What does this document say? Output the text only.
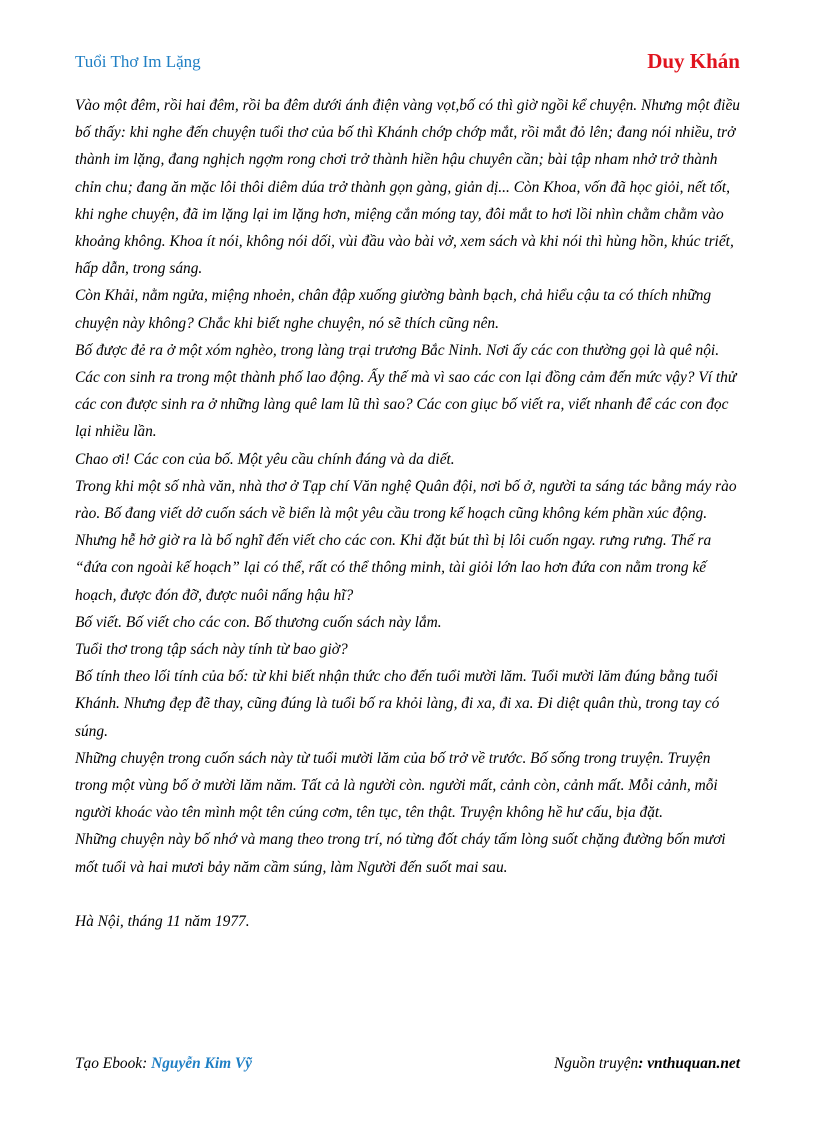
Tuổi Thơ Im Lặng	Duy Khán

Vào một đêm, rồi hai đêm, rồi ba đêm dưới ánh điện vàng vọt,bố có thì giờ ngồi kể chuyện. Nhưng một điều bố thấy: khi nghe đến chuyện tuổi thơ của bố thì Khánh chớp chớp mắt, rồi mắt đỏ lên; đang nói nhiều, trở thành im lặng, đang nghịch ngợm rong chơi trở thành hiền hậu chuyên cần; bài tập nham nhở trở thành chỉn chu; đang ăn mặc lôi thôi diêm dúa trở thành gọn gàng, giản dị... Còn Khoa, vốn đã học giỏi, nết tốt, khi nghe chuyện, đã im lặng lại im lặng hơn, miệng cắn móng tay, đôi mắt to hơi lồi nhìn chằm chằm vào khoảng không. Khoa ít nói, không nói dối, vùi đầu vào bài vở, xem sách và khi nói thì hùng hồn, khúc triết, hấp dẫn, trong sáng.

Còn Khải, nằm ngửa, miệng nhoẻn, chân đập xuống giường bành bạch, chả hiểu cậu ta có thích những chuyện này không? Chắc khi biết nghe chuyện, nó sẽ thích cũng nên.

Bố được đẻ ra ở một xóm nghèo, trong làng trại trương Bắc Ninh. Nơi ấy các con thường gọi là quê nội.

Các con sinh ra trong một thành phố lao động. Ấy thế mà vì sao các con lại đồng cảm đến mức vậy? Ví thử các con được sinh ra ở những làng quê lam lũ thì sao? Các con giục bố viết ra, viết nhanh để các con đọc lại nhiều lần.

Chao ơi! Các con của bố. Một yêu cầu chính đáng và da diết.

Trong khi một số nhà văn, nhà thơ ở Tạp chí Văn nghệ Quân đội, nơi bố ở, người ta sáng tác bằng máy rào rào. Bố đang viết dở cuốn sách về biển là một yêu cầu trong kế hoạch cũng không kém phần xúc động. Nhưng hễ hở giờ ra là bố nghĩ đến viết cho các con. Khi đặt bút thì bị lôi cuốn ngay. rưng rưng. Thế ra “đứa con ngoài kế hoạch” lại có thể, rất có thể thông minh, tài giỏi lớn lao hơn đứa con nằm trong kế hoạch, được đón đỡ, được nuôi nấng hậu hĩ?

Bố viết. Bố viết cho các con. Bố thương cuốn sách này lắm.

Tuổi thơ trong tập sách này tính từ bao giờ?

Bố tính theo lối tính của bố: từ khi biết nhận thức cho đến tuổi mười lăm. Tuổi mười lăm đúng bằng tuổi Khánh. Nhưng đẹp đẽ thay, cũng đúng là tuổi bố ra khỏi làng, đi xa, đi xa. Đi diệt quân thù, trong tay có súng.

Những chuyện trong cuốn sách này từ tuổi mười lăm của bố trở về trước. Bố sống trong truyện. Truyện trong một vùng bố ở mười lăm năm. Tất cả là người còn. người mất, cảnh còn, cảnh mất. Mỗi cảnh, mỗi người khoác vào tên mình một tên cúng cơm, tên tục, tên thật. Truyện không hề hư cấu, bịa đặt.

Những chuyện này bố nhớ và mang theo trong trí, nó từng đốt cháy tấm lòng suốt chặng đường bốn mươi mốt tuổi và hai mươi bảy năm cầm súng, làm Người đến suốt mai sau.

Hà Nội, tháng 11 năm 1977.

Tạo Ebook: Nguyễn Kim Vỹ	Nguồn truyện: vnthuquan.net
